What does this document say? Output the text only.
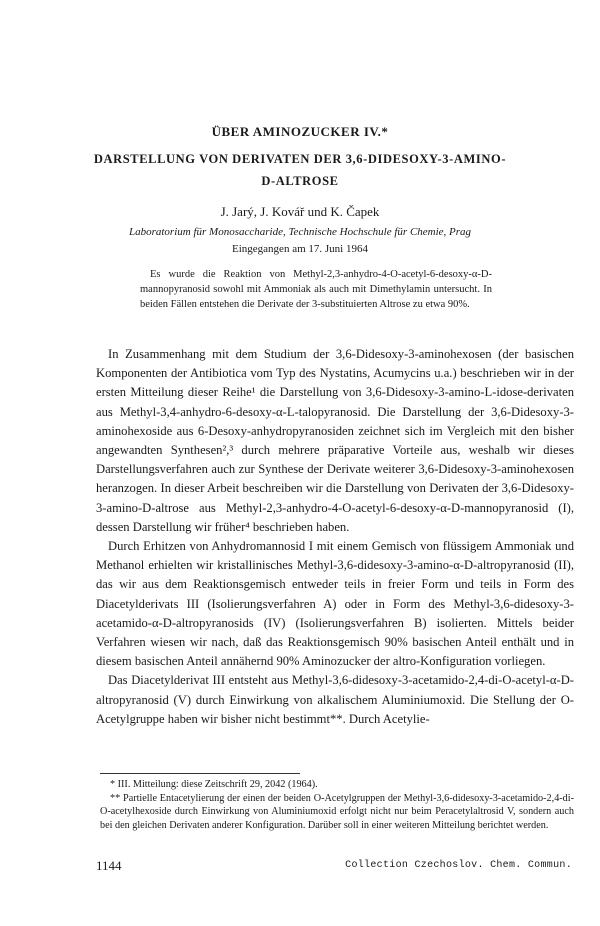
ÜBER AMINOZUCKER IV.*
DARSTELLUNG VON DERIVATEN DER 3,6-DIDESOXY-3-AMINO-
D-ALTROSE
J. Jarý, J. Kovář und K. Čapek
Laboratorium für Monosaccharide, Technische Hochschule für Chemie, Prag
Eingegangen am 17. Juni 1964

Es wurde die Reaktion von Methyl-2,3-anhydro-4-O-acetyl-6-desoxy-α-D-mannopyranosid sowohl mit Ammoniak als auch mit Dimethylamin untersucht. In beiden Fällen entstehen die Derivate der 3-substituierten Altrose zu etwa 90%.

In Zusammenhang mit dem Studium der 3,6-Didesoxy-3-aminohexosen (der basischen Komponenten der Antibiotica vom Typ des Nystatins, Acumycins u.a.) beschrieben wir in der ersten Mitteilung dieser Reihe¹ die Darstellung von 3,6-Didesoxy-3-amino-L-idose-derivaten aus Methyl-3,4-anhydro-6-desoxy-α-L-talopyranosid. Die Darstellung der 3,6-Didesoxy-3-aminohexoside aus 6-Desoxy-anhydropyranosiden zeichnet sich im Vergleich mit den bisher angewandten Synthesen²,³ durch mehrere präparative Vorteile aus, weshalb wir dieses Darstellungsverfahren auch zur Synthese der Derivate weiterer 3,6-Didesoxy-3-aminohexosen heranzogen. In dieser Arbeit beschreiben wir die Darstellung von Derivaten der 3,6-Didesoxy-3-amino-D-altrose aus Methyl-2,3-anhydro-4-O-acetyl-6-desoxy-α-D-mannopyranosid (I), dessen Darstellung wir früher⁴ beschrieben haben.

Durch Erhitzen von Anhydromannosid I mit einem Gemisch von flüssigem Ammoniak und Methanol erhielten wir kristallinisches Methyl-3,6-didesoxy-3-amino-α-D-altropyranosid (II), das wir aus dem Reaktionsgemisch entweder teils in freier Form und teils in Form des Diacetylderivats III (Isolierungsverfahren A) oder in Form des Methyl-3,6-didesoxy-3-acetamido-α-D-altropyranosids (IV) (Isolierungsverfahren B) isolierten. Mittels beider Verfahren wiesen wir nach, daß das Reaktionsgemisch 90% basischen Anteil enthält und in diesem basischen Anteil annähernd 90% Aminozucker der altro-Konfiguration vorliegen.

Das Diacetylderivat III entsteht aus Methyl-3,6-didesoxy-3-acetamido-2,4-di-O-acetyl-α-D-altropyranosid (V) durch Einwirkung von alkalischem Aluminiumoxid. Die Stellung der O-Acetylgruppe haben wir bisher nicht bestimmt**. Durch Acetylie-

* III. Mitteilung: diese Zeitschrift 29, 2042 (1964).

** Partielle Entacetylierung der einen der beiden O-Acetylgruppen der Methyl-3,6-didesoxy-3-acetamido-2,4-di-O-acetylhexoside durch Einwirkung von Aluminiumoxid erfolgt nicht nur beim Peracetylaltrosid V, sondern auch bei den gleichen Derivaten anderer Konfiguration. Darüber soll in einer weiteren Mitteilung berichtet werden.

1144	Collection Czechoslov. Chem. Commun.
